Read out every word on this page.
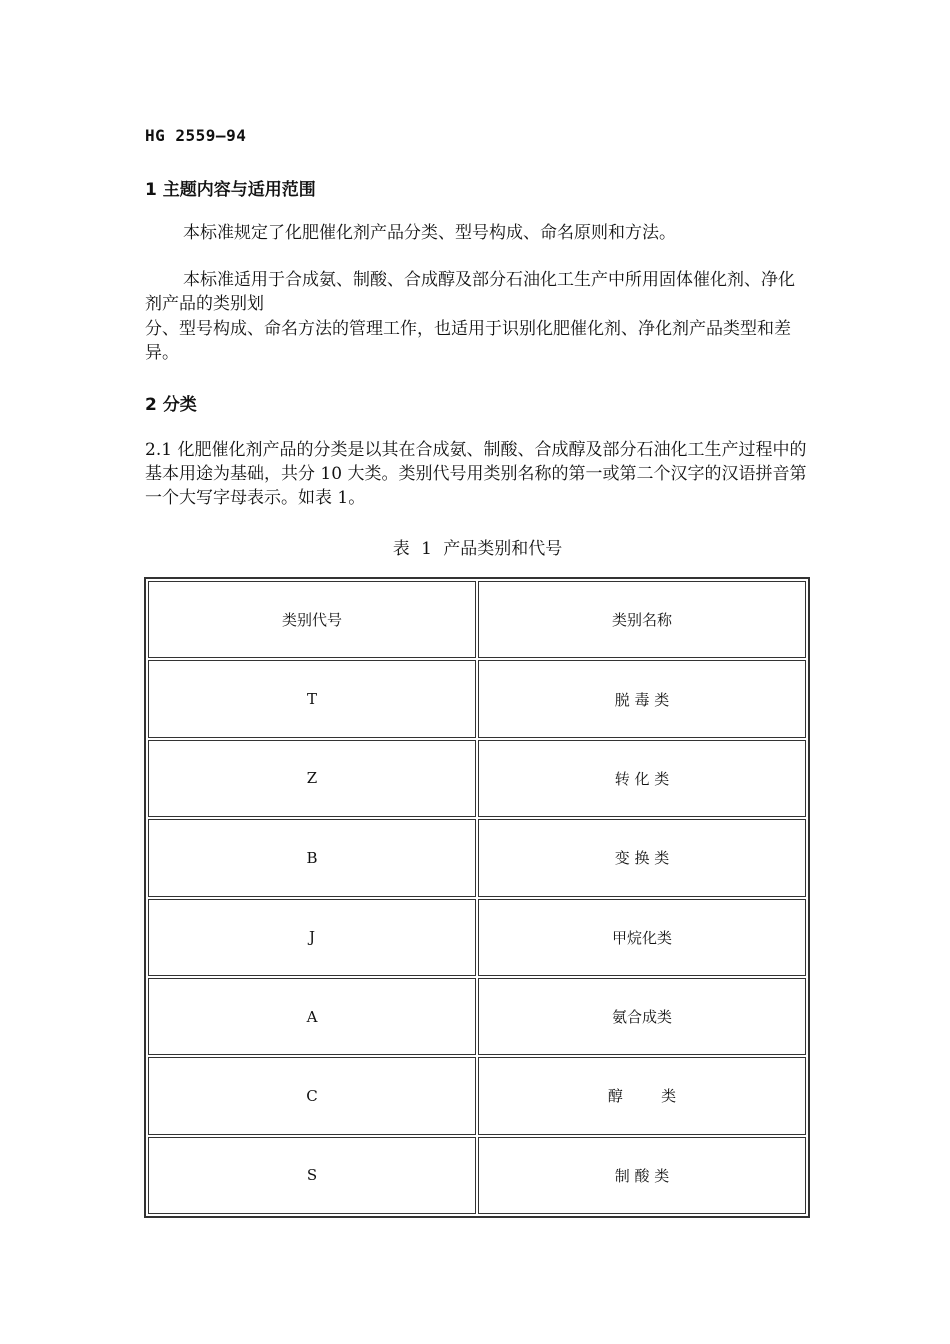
HG 2559—94
1 主题内容与适用范围
本标准规定了化肥催化剂产品分类、型号构成、命名原则和方法。
本标准适用于合成氨、制酸、合成醇及部分石油化工生产中所用固体催化剂、净化剂产品的类别划
分、型号构成、命名方法的管理工作，也适用于识别化肥催化剂、净化剂产品类型和差异。
2 分类
2.1 化肥催化剂产品的分类是以其在合成氨、制酸、合成醇及部分石油化工生产过程中的基本用途为基础，共分 10 大类。类别代号用类别名称的第一或第二个汉字的汉语拼音第一个大写字母表示。如表 1。
表 1 产品类别和代号
类别代号	类别名称
T	脱 毒 类
Z	转 化 类
B	变 换 类
J	甲烷化类
A	氨合成类
C	醇        类
S	制 酸 类
